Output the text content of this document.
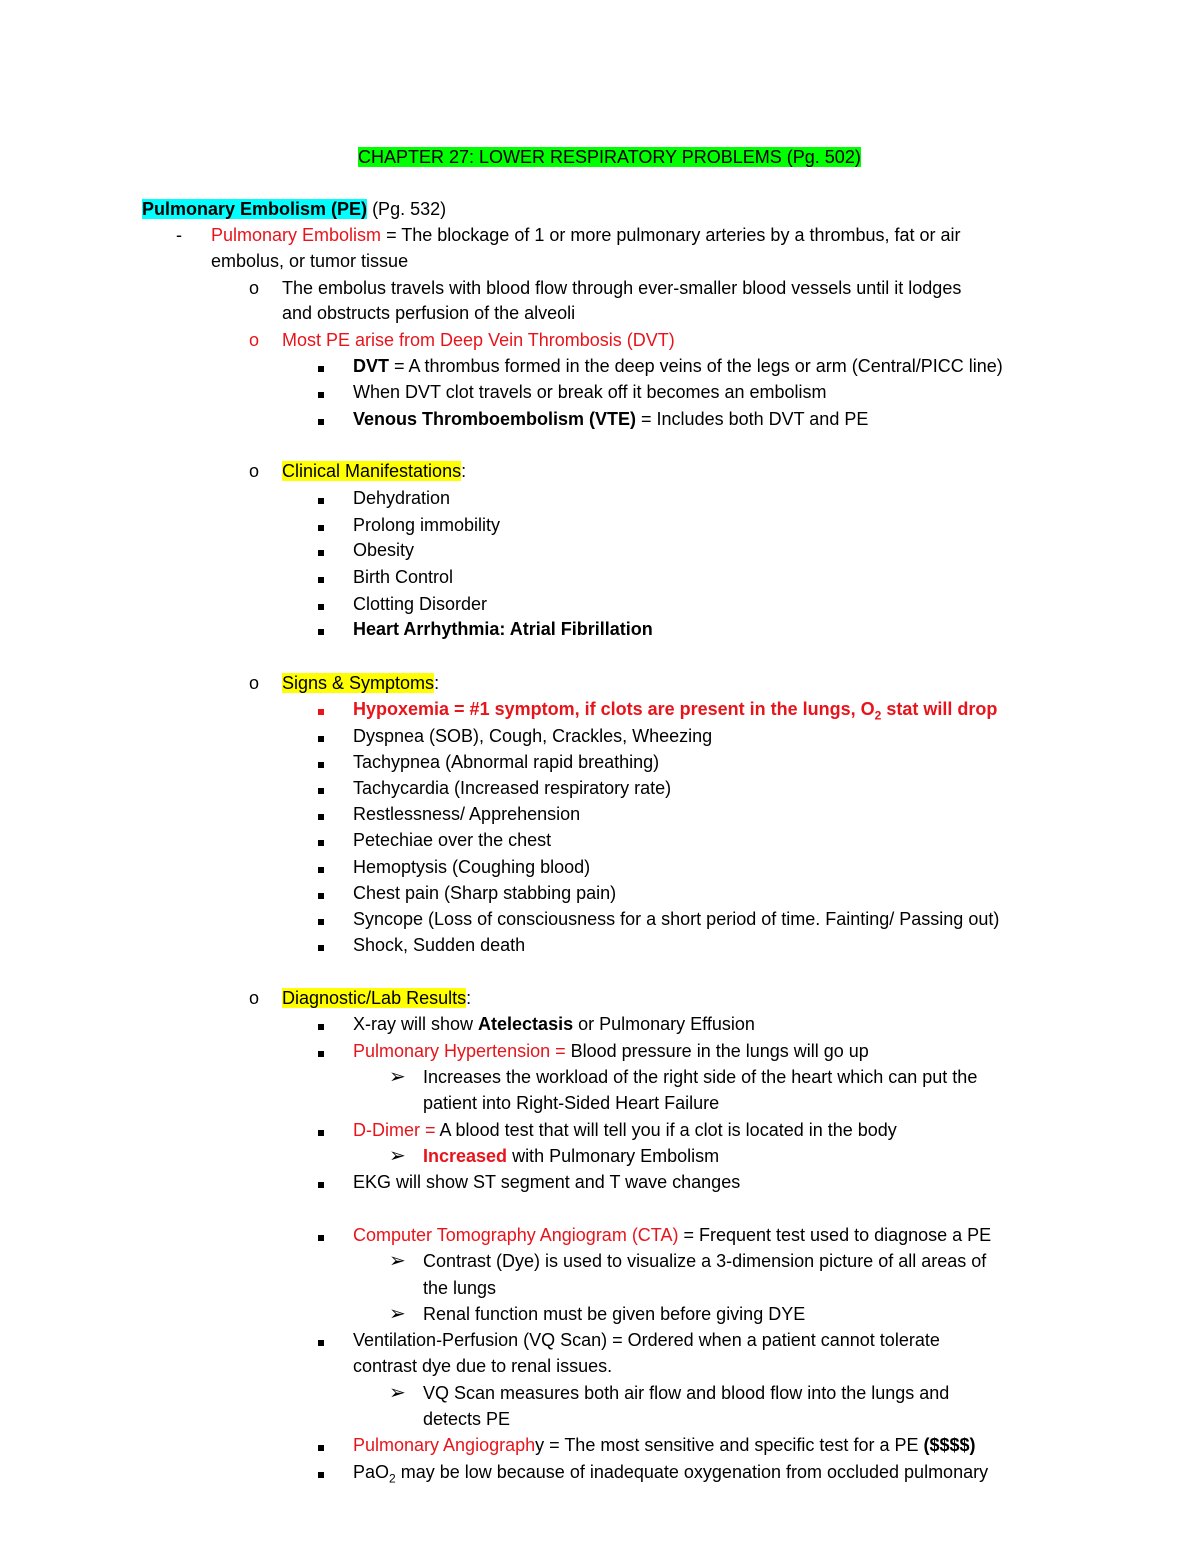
CHAPTER 27: LOWER RESPIRATORY PROBLEMS (Pg. 502)
Pulmonary Embolism (PE) (Pg. 532)
- Pulmonary Embolism = The blockage of 1 or more pulmonary arteries by a thrombus, fat or air
embolus, or tumor tissue
o The embolus travels with blood flow through ever-smaller blood vessels until it lodges
and obstructs perfusion of the alveoli
o Most PE arise from Deep Vein Thrombosis (DVT)
DVT = A thrombus formed in the deep veins of the legs or arm (Central/PICC line)
When DVT clot travels or break off it becomes an embolism
Venous Thromboembolism (VTE) = Includes both DVT and PE
o Clinical Manifestations:
Dehydration
Prolong immobility
Obesity
Birth Control
Clotting Disorder
Heart Arrhythmia: Atrial Fibrillation
o Signs & Symptoms:
Hypoxemia = #1 symptom, if clots are present in the lungs, $O_2$ stat will drop
Dyspnea (SOB), Cough, Crackles, Wheezing
Tachypnea (Abnormal rapid breathing)
Tachycardia (Increased respiratory rate)
Restlessness/ Apprehension
Petechiae over the chest
Hemoptysis (Coughing blood)
Chest pain (Sharp stabbing pain)
Syncope (Loss of consciousness for a short period of time. Fainting/ Passing out)
Shock, Sudden death
o Diagnostic/Lab Results:
X-ray will show Atelectasis or Pulmonary Effusion
Pulmonary Hypertension = Blood pressure in the lungs will go up
➢ Increases the workload of the right side of the heart which can put the
patient into Right-Sided Heart Failure
D-Dimer = A blood test that will tell you if a clot is located in the body
➢ Increased with Pulmonary Embolism
EKG will show ST segment and T wave changes
Computer Tomography Angiogram (CTA) = Frequent test used to diagnose a PE
➢ Contrast (Dye) is used to visualize a 3-dimension picture of all areas of
the lungs
➢ Renal function must be given before giving DYE
Ventilation-Perfusion (VQ Scan) = Ordered when a patient cannot tolerate
contrast dye due to renal issues.
➢ VQ Scan measures both air flow and blood flow into the lungs and
detects PE
Pulmonary Angiography = The most sensitive and specific test for a PE ($$$$)
PaO$_2$ may be low because of inadequate oxygenation from occluded pulmonary
